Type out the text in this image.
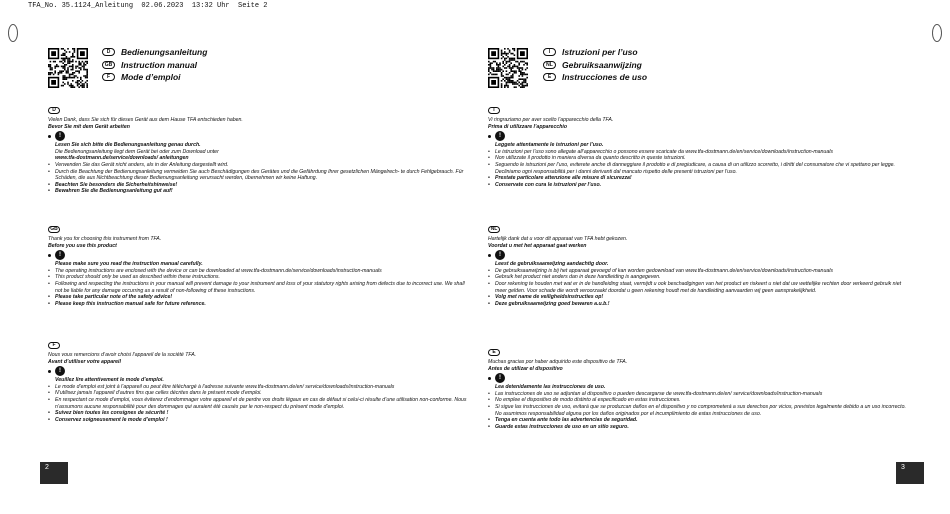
TFA_No. 35.1124_Anleitung  02.06.2023  13:32 Uhr  Seite 2
D	Bedienungsanleitung
GB	Instruction manual
F	Mode d’emploi
I	Istruzioni per l’uso
NL	Gebruiksaanwijzing
E	Instrucciones de uso
D
Vielen Dank, dass Sie sich für dieses Gerät aus dem Hause TFA entschieden haben.
Bevor Sie mit dem Gerät arbeiten
!
Lesen Sie sich bitte die Bedienungsanleitung genau durch.
Die Bedienungsanleitung liegt dem Gerät bei oder zum Download unter
www.tfa-dostmann.de/service/downloads/ anleitungen
• Verwenden Sie das Gerät nicht anders, als in der Anleitung dargestellt wird.
• Durch die Beachtung der Bedienungsanleitung vermeiden Sie auch Beschädigungen des Gerätes und die Gefährdung Ihrer gesetzlichen Mängelrech- te durch Fehlgebrauch. Für Schäden, die aus Nichtbeachtung dieser Bedienungsanleitung verursacht werden, übernehmen wir keine Haftung.
• Beachten Sie besonders die Sicherheitshinweise!
• Bewahren Sie die Bedienungsanleitung gut auf!
GB
Thank you for choosing this instrument from TFA.
Before you use this product
!
Please make sure you read the instruction manual carefully.
• The operating instructions are enclosed with the device or can be downloaded at www.tfa-dostmann.de/service/downloads/instruction-manuals
• This product should only be used as described within these instructions.
• Following and respecting the instructions in your manual will prevent damage to your instrument and loss of your statutory rights arising from defects due to incorrect use. We shall not be liable for any damage occurring as a result of non-following of these instructions.
• Please take particular note of the safety advice!
• Please keep this instruction manual safe for future reference.
F
Nous vous remercions d’avoir choisi l’appareil de la société TFA.
Avant d’utiliser votre appareil
!
Veuillez lire attentivement le mode d’emploi.
• Le mode d’emploi est joint à l’appareil ou peut être téléchargé à l’adresse suivante www.tfa-dostmann.de/en/ service/downloads/instruction-manuals
• N’utilisez jamais l’appareil d’autres fins que celles décrites dans le présent mode d’emploi.
• En respectant ce mode d’emploi, vous éviterez d’endommager votre appareil et de perdre vos droits légaux en cas de défaut si celui-ci résulte d’une utilisation non-conforme. Nous n’assumons aucune responsabilité pour des dommages qui auraient été causés par le non-respect du présent mode d’emploi.
• Suivez bien toutes les consignes de sécurité !
• Conservez soigneusement le mode d’emploi !
I
Vi ringraziamo per aver scelto l’apparecchio della TFA.
Prima di utilizzare l’apparecchio
!
Leggete attentamente le istruzioni per l’uso.
• Le istruzioni per l’uso sono allegate all’apparecchio o possono essere scaricate da www.tfa-dostmann.de/en/service/downloads/instruction-manuals
• Non utilizzate il prodotto in maniera diversa da quanto descritto in queste istruzioni.
• Seguendo le istruzioni per l’uso, eviterete anche di danneggiare il prodotto e di pregiudicare, a causa di un utilizzo scorretto, i diritti del consumatore che vi spettano per legge. Decliniamo ogni responsabilità per i danni derivanti dal mancato rispetto delle presenti istruzioni per l’uso.
• Prestate particolare attenzione alle misure di sicurezza!
• Conservate con cura le istruzioni per l’uso.
NL
Hartelijk dank dat u voor dit apparaat van TFA hebt gekozen.
Voordat u met het apparaat gaat werken
!
Leest de gebruiksaanwijzing aandachtig door.
• De gebruiksaanwijzing is bij het apparaat gevoegd of kan worden gedownload van www.tfa-dostmann.de/en/service/downloads/instruction-manuals
• Gebruik het product niet anders dan in deze handleiding is aangegeven.
• Door rekening te houden met wat er in de handleiding staat, vermijdt u ook beschadigingen van het product en riskeert u niet dat uw wettelijke rechten door verkeerd gebruik niet meer gelden. Voor schade die wordt veroorzaakt doordat u geen rekening houdt met de handleiding aanvaarden wij geen aansprakelijkheid.
• Volg met name de veiligheidsinstructies op!
• Deze gebruiksaanwijzing goed bewaren a.u.b.!
E
Muchas gracias por haber adquirido este dispositivo de TFA.
Antes de utilizar el dispositivo
!
Lea detenidamente las instrucciones de uso.
• Las instrucciones de uso se adjuntan al dispositivo o pueden descargarse de www.tfa-dostmann.de/en/ service/downloads/instruction-manuals
• No emplee el dispositivo de modo distinto al especificado en estas instrucciones.
• Si sigue las instrucciones de uso, evitará que se produzcan daños en el dispositivo y no comprometerá a sus derechos por vicios, previstos legalmente debido a un uso incorrecto. No asumimos responsabilidad alguna por los daños originados por el incumplimiento de estas instrucciones de uso.
• Tenga en cuenta ante todo las advertencias de seguridad.
• Guarde estas instrucciones de uso en un sitio seguro.
2	3
